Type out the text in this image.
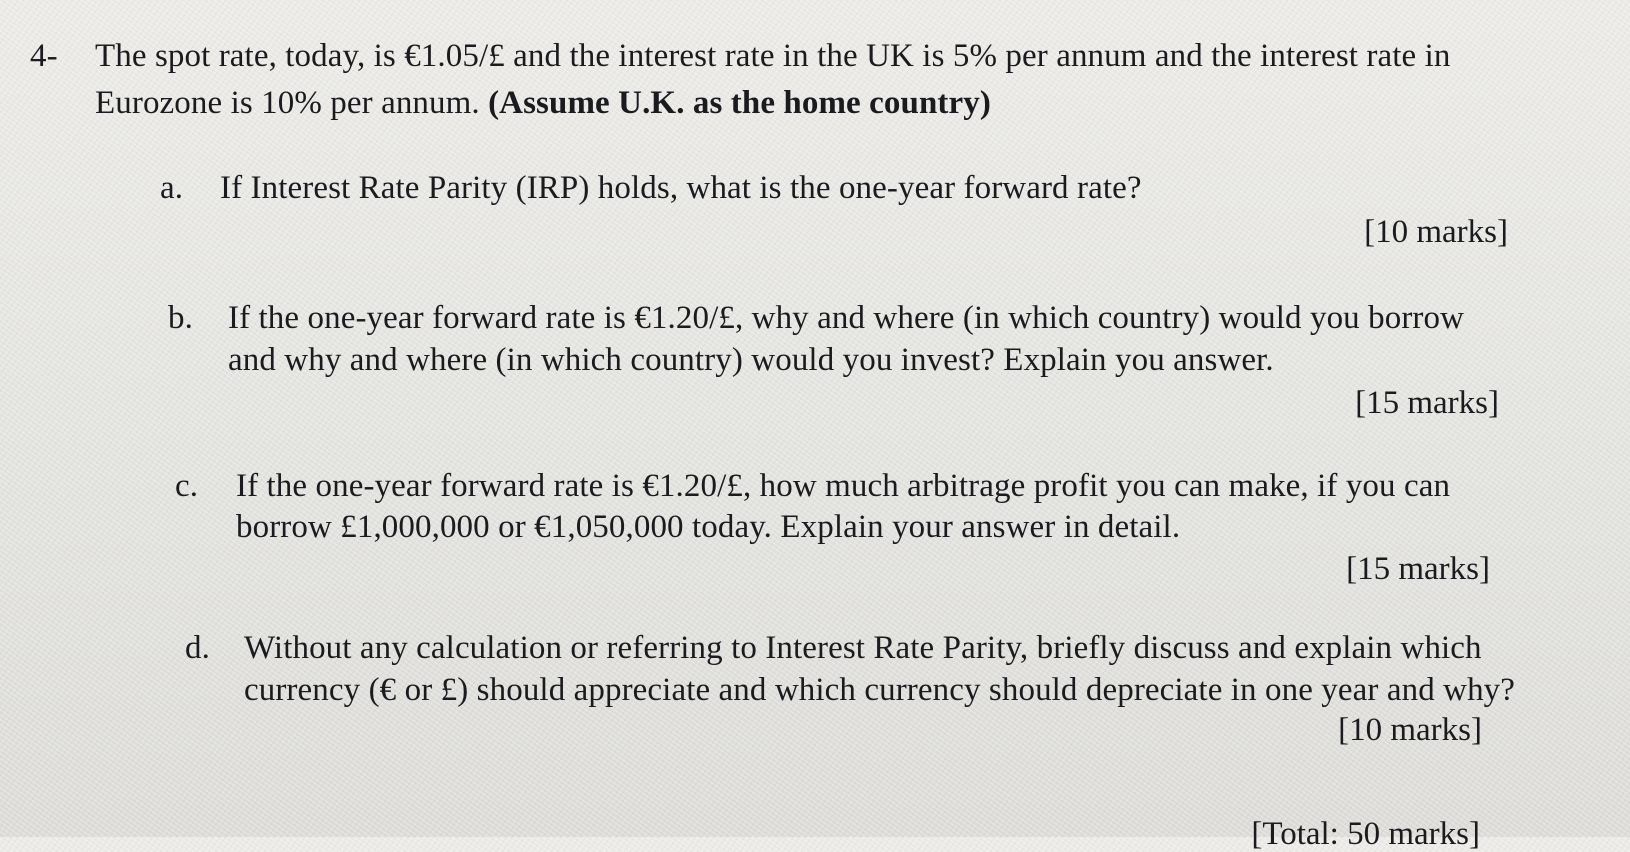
4- The spot rate, today, is €1.05/£ and the interest rate in the UK is 5% per annum and the interest rate in
Eurozone is 10% per annum. (Assume U.K. as the home country)
a. If Interest Rate Parity (IRP) holds, what is the one-year forward rate?
[10 marks]
b. If the one-year forward rate is €1.20/£, why and where (in which country) would you borrow
and why and where (in which country) would you invest? Explain you answer.
[15 marks]
c. If the one-year forward rate is €1.20/£, how much arbitrage profit you can make, if you can
borrow £1,000,000 or €1,050,000 today. Explain your answer in detail.
[15 marks]
d. Without any calculation or referring to Interest Rate Parity, briefly discuss and explain which
currency (€ or £) should appreciate and which currency should depreciate in one year and why?
[10 marks]
[Total: 50 marks]
